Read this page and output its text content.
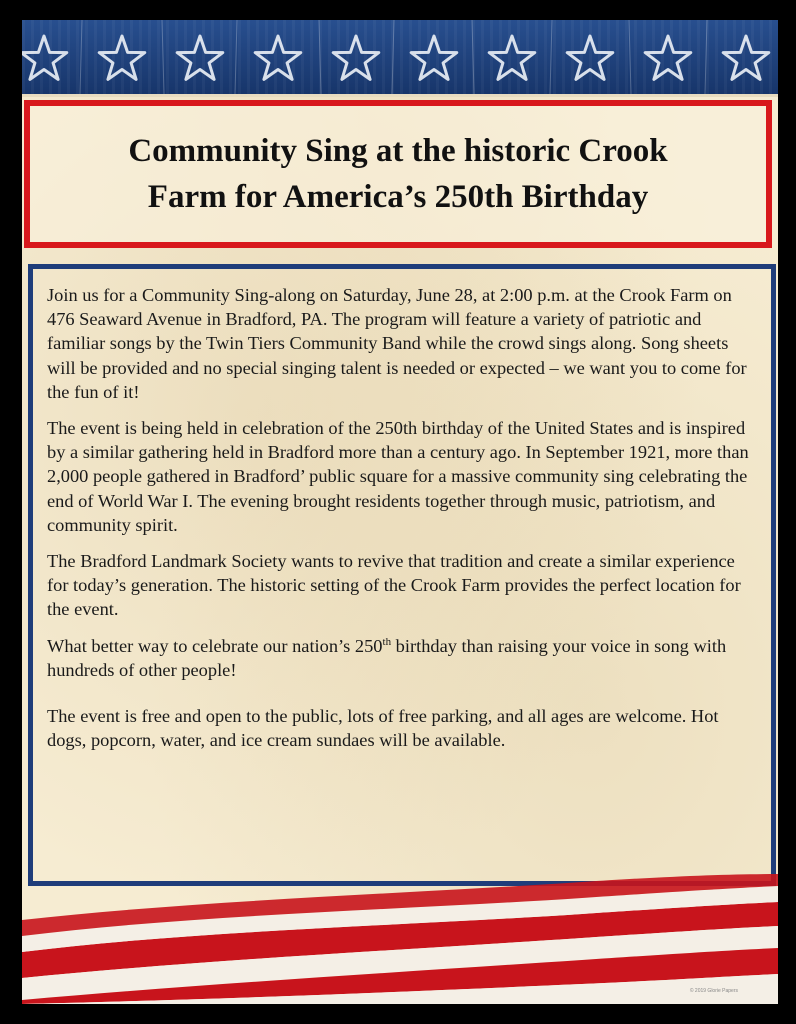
Community Sing at the historic Crook
Farm for America’s 250th Birthday

Join us for a Community Sing-along on Saturday, June 28, at 2:00 p.m. at the Crook Farm on 476 Seaward Avenue in Bradford, PA. The program will feature a variety of patriotic and familiar songs by the Twin Tiers Community Band while the crowd sings along. Song sheets will be provided and no special singing talent is needed or expected – we want you to come for the fun of it!

The event is being held in celebration of the 250th birthday of the United States and is inspired by a similar gathering held in Bradford more than a century ago. In September 1921, more than 2,000 people gathered in Bradford’ public square for a massive community sing celebrating the end of World War I. The evening brought residents together through music, patriotism, and community spirit.

The Bradford Landmark Society wants to revive that tradition and create a similar experience for today’s generation. The historic setting of the Crook Farm provides the perfect location for the event.

What better way to celebrate our nation’s 250th birthday than raising your voice in song with hundreds of other people!

The event is free and open to the public, lots of free parking, and all ages are welcome. Hot dogs, popcorn, water, and ice cream sundaes will be available.

© 2019 Glorie Papers
